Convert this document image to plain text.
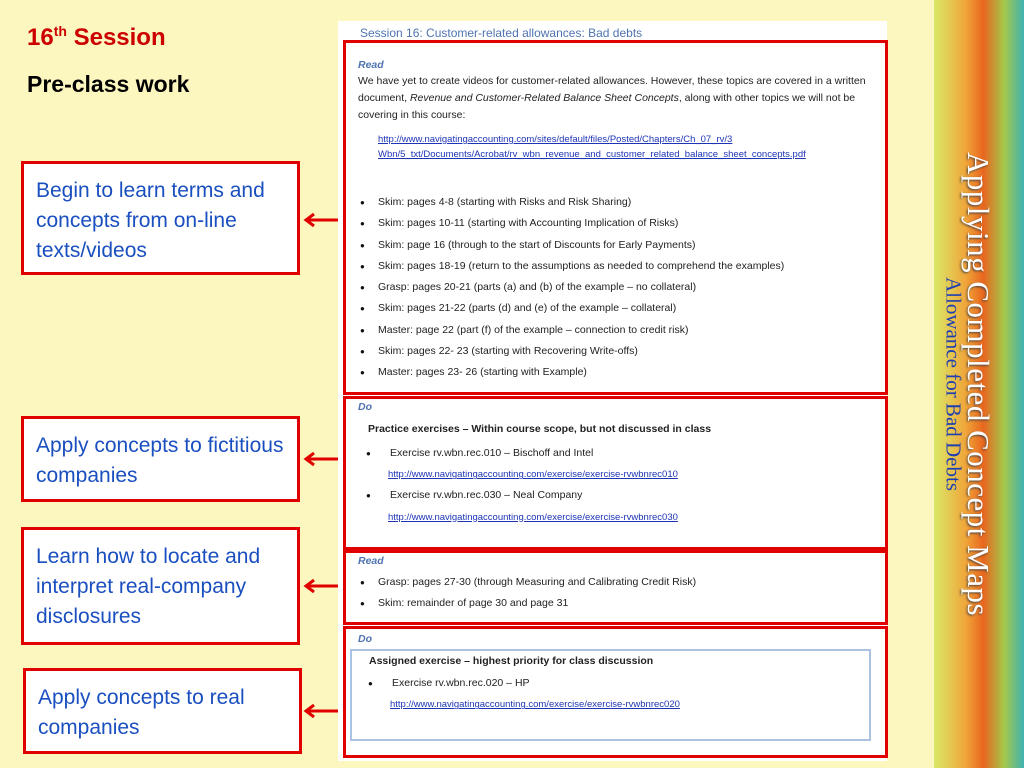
16th Session
Pre-class work
Begin to learn terms and concepts from on-line texts/videos
Apply concepts to fictitious companies
Learn how to locate and interpret real-company disclosures
Apply concepts to real companies
Session 16: Customer-related allowances: Bad debts
Read
We have yet to create videos for customer-related allowances. However, these topics are covered in a written document, Revenue and Customer-Related Balance Sheet Concepts, along with other topics we will not be covering in this course:
http://www.navigatingaccounting.com/sites/default/files/Posted/Chapters/Ch_07_rv/3
Wbn/5_txt/Documents/Acrobat/rv_wbn_revenue_and_customer_related_balance_sheet_concepts.pdf
● Skim: pages 4-8 (starting with Risks and Risk Sharing)
● Skim: pages 10-11 (starting with Accounting Implication of Risks)
● Skim: page 16 (through to the start of Discounts for Early Payments)
● Skim: pages 18-19 (return to the assumptions as needed to comprehend the examples)
● Grasp: pages 20-21 (parts (a) and (b) of the example – no collateral)
● Skim: pages 21-22 (parts (d) and (e) of the example – collateral)
● Master: page 22 (part (f) of the example – connection to credit risk)
● Skim: pages 22- 23 (starting with Recovering Write-offs)
● Master: pages 23- 26 (starting with Example)
Do
Practice exercises – Within course scope, but not discussed in class
● Exercise rv.wbn.rec.010 – Bischoff and Intel
http://www.navigatingaccounting.com/exercise/exercise-rvwbnrec010
● Exercise rv.wbn.rec.030 – Neal Company
http://www.navigatingaccounting.com/exercise/exercise-rvwbnrec030
Read
● Grasp: pages 27-30 (through Measuring and Calibrating Credit Risk)
● Skim: remainder of page 30 and page 31
Do
Assigned exercise – highest priority for class discussion
● Exercise rv.wbn.rec.020 – HP
http://www.navigatingaccounting.com/exercise/exercise-rvwbnrec020
Applying Completed Concept Maps
Allowance for Bad Debts
